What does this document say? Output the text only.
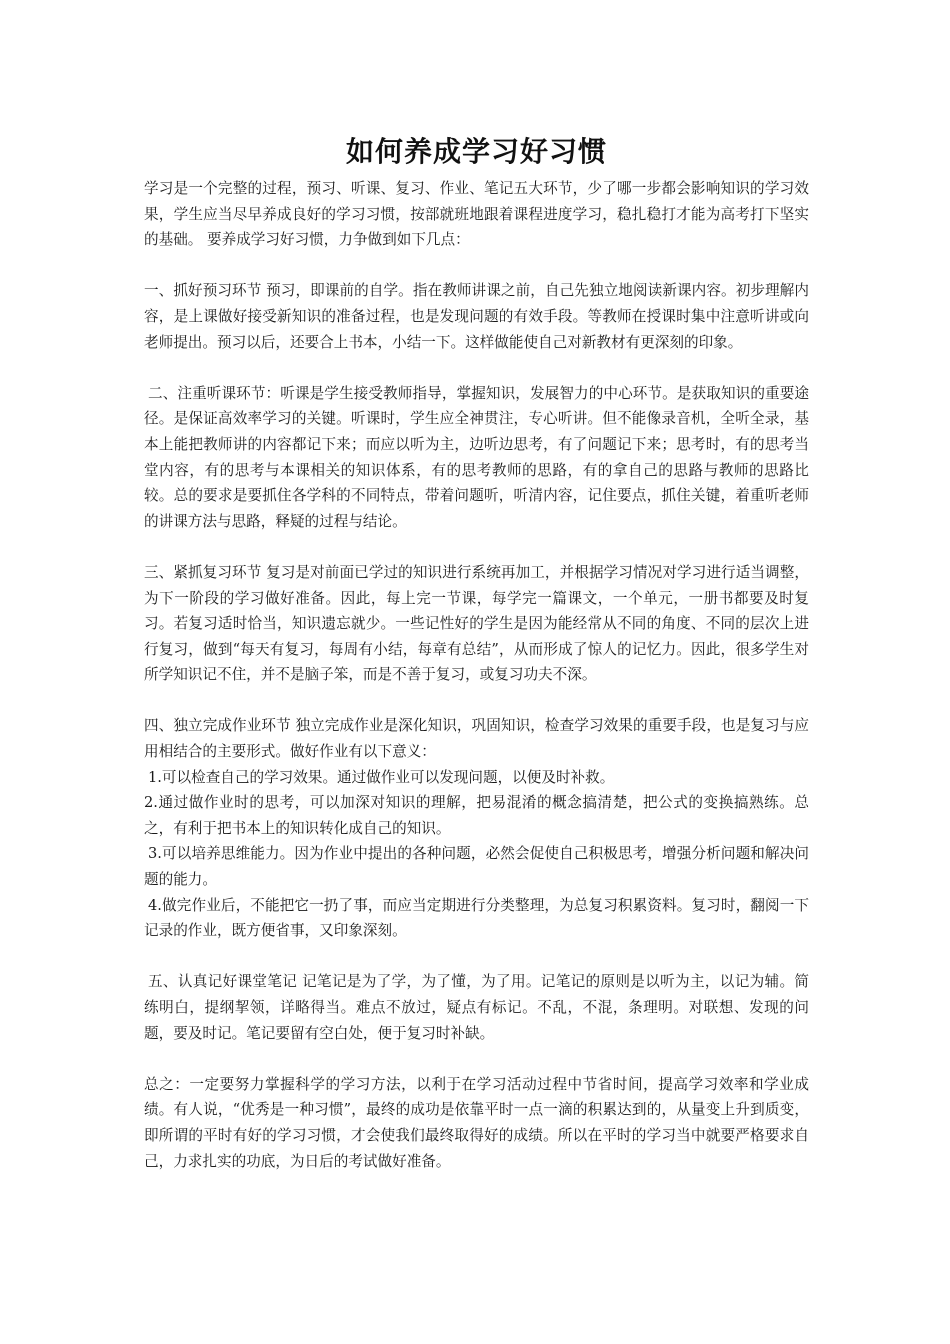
如何养成学习好习惯

学习是一个完整的过程，预习、听课、复习、作业、笔记五大环节，少了哪一步都会影响知识的学习效果，学生应当尽早养成良好的学习习惯，按部就班地跟着课程进度学习，稳扎稳打才能为高考打下坚实的基础。 要养成学习好习惯，力争做到如下几点：

一、抓好预习环节 预习，即课前的自学。指在教师讲课之前，自己先独立地阅读新课内容。初步理解内容，是上课做好接受新知识的准备过程，也是发现问题的有效手段。等教师在授课时集中注意听讲或向老师提出。预习以后，还要合上书本，小结一下。这样做能使自己对新教材有更深刻的印象。

二、注重听课环节：听课是学生接受教师指导，掌握知识，发展智力的中心环节。是获取知识的重要途径。是保证高效率学习的关键。听课时，学生应全神贯注，专心听讲。但不能像录音机，全听全录，基本上能把教师讲的内容都记下来；而应以听为主，边听边思考，有了问题记下来；思考时，有的思考当堂内容，有的思考与本课相关的知识体系，有的思考教师的思路，有的拿自己的思路与教师的思路比较。总的要求是要抓住各学科的不同特点，带着问题听，听清内容，记住要点，抓住关键，着重听老师的讲课方法与思路，释疑的过程与结论。

三、紧抓复习环节 复习是对前面已学过的知识进行系统再加工，并根据学习情况对学习进行适当调整，为下一阶段的学习做好准备。因此，每上完一节课，每学完一篇课文，一个单元，一册书都要及时复习。若复习适时恰当，知识遗忘就少。一些记性好的学生是因为能经常从不同的角度、不同的层次上进行复习，做到“每天有复习，每周有小结，每章有总结”，从而形成了惊人的记忆力。因此，很多学生对所学知识记不住，并不是脑子笨，而是不善于复习，或复习功夫不深。

四、独立完成作业环节 独立完成作业是深化知识，巩固知识，检查学习效果的重要手段，也是复习与应用相结合的主要形式。做好作业有以下意义：

1.可以检查自己的学习效果。通过做作业可以发现问题，以便及时补救。

2.通过做作业时的思考，可以加深对知识的理解，把易混淆的概念搞清楚，把公式的变换搞熟练。总之，有利于把书本上的知识转化成自己的知识。

3.可以培养思维能力。因为作业中提出的各种问题，必然会促使自己积极思考，增强分析问题和解决问题的能力。

4.做完作业后，不能把它一扔了事，而应当定期进行分类整理，为总复习积累资料。复习时，翻阅一下记录的作业，既方便省事，又印象深刻。

五、认真记好课堂笔记 记笔记是为了学，为了懂，为了用。记笔记的原则是以听为主，以记为辅。简练明白，提纲挈领，详略得当。难点不放过，疑点有标记。不乱，不混，条理明。对联想、发现的问题，要及时记。笔记要留有空白处，便于复习时补缺。

总之：一定要努力掌握科学的学习方法，以利于在学习活动过程中节省时间，提高学习效率和学业成绩。有人说，“优秀是一种习惯”，最终的成功是依靠平时一点一滴的积累达到的，从量变上升到质变，即所谓的平时有好的学习习惯，才会使我们最终取得好的成绩。所以在平时的学习当中就要严格要求自己，力求扎实的功底，为日后的考试做好准备。
